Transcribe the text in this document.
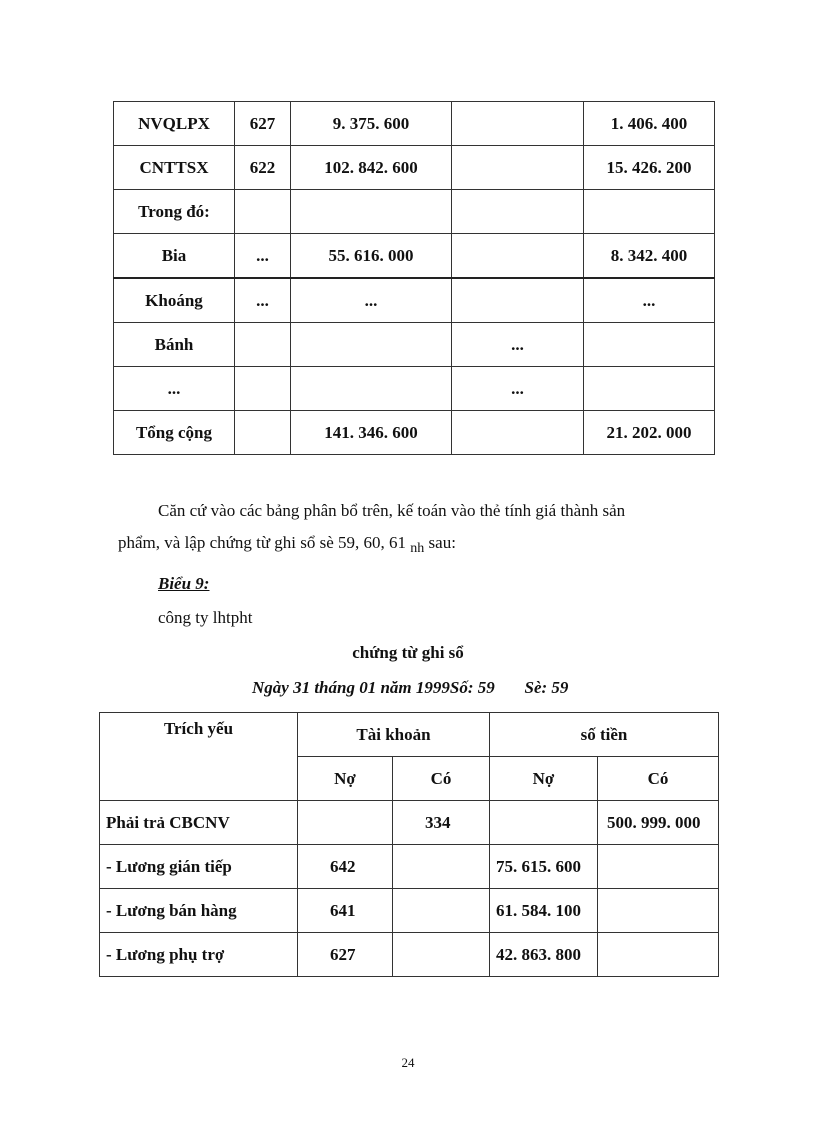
NVQLPX	627	9. 375. 600		1. 406. 400
CNTTSX	622	102. 842. 600		15. 426. 200
Trong đó:				
Bia	...	55. 616. 000		8. 342. 400
Khoáng	...	...		...
Bánh			...	
...			...	
Tổng cộng		141. 346. 600		21. 202. 000

Căn cứ vào các bảng phân bổ trên, kế toán vào thẻ tính giá thành sản

phẩm, và lập chứng từ ghi sổ sè 59, 60, 61 $_{nh}$ sau:

Biểu 9:
công ty lhtpht
chứng từ ghi sổ
Ngày 31 tháng 01 năm 1999Số: 59 Sè: 59
Trích yếu	Tài khoản		số tiền	
	Nợ	Có	Nợ	Có
Phải trả CBCNV		334		500. 999. 000
- Lương gián tiếp	642		75. 615. 600	
- Lương bán hàng	641		61. 584. 100	
- Lương phụ trợ	627		42. 863. 800	
24
